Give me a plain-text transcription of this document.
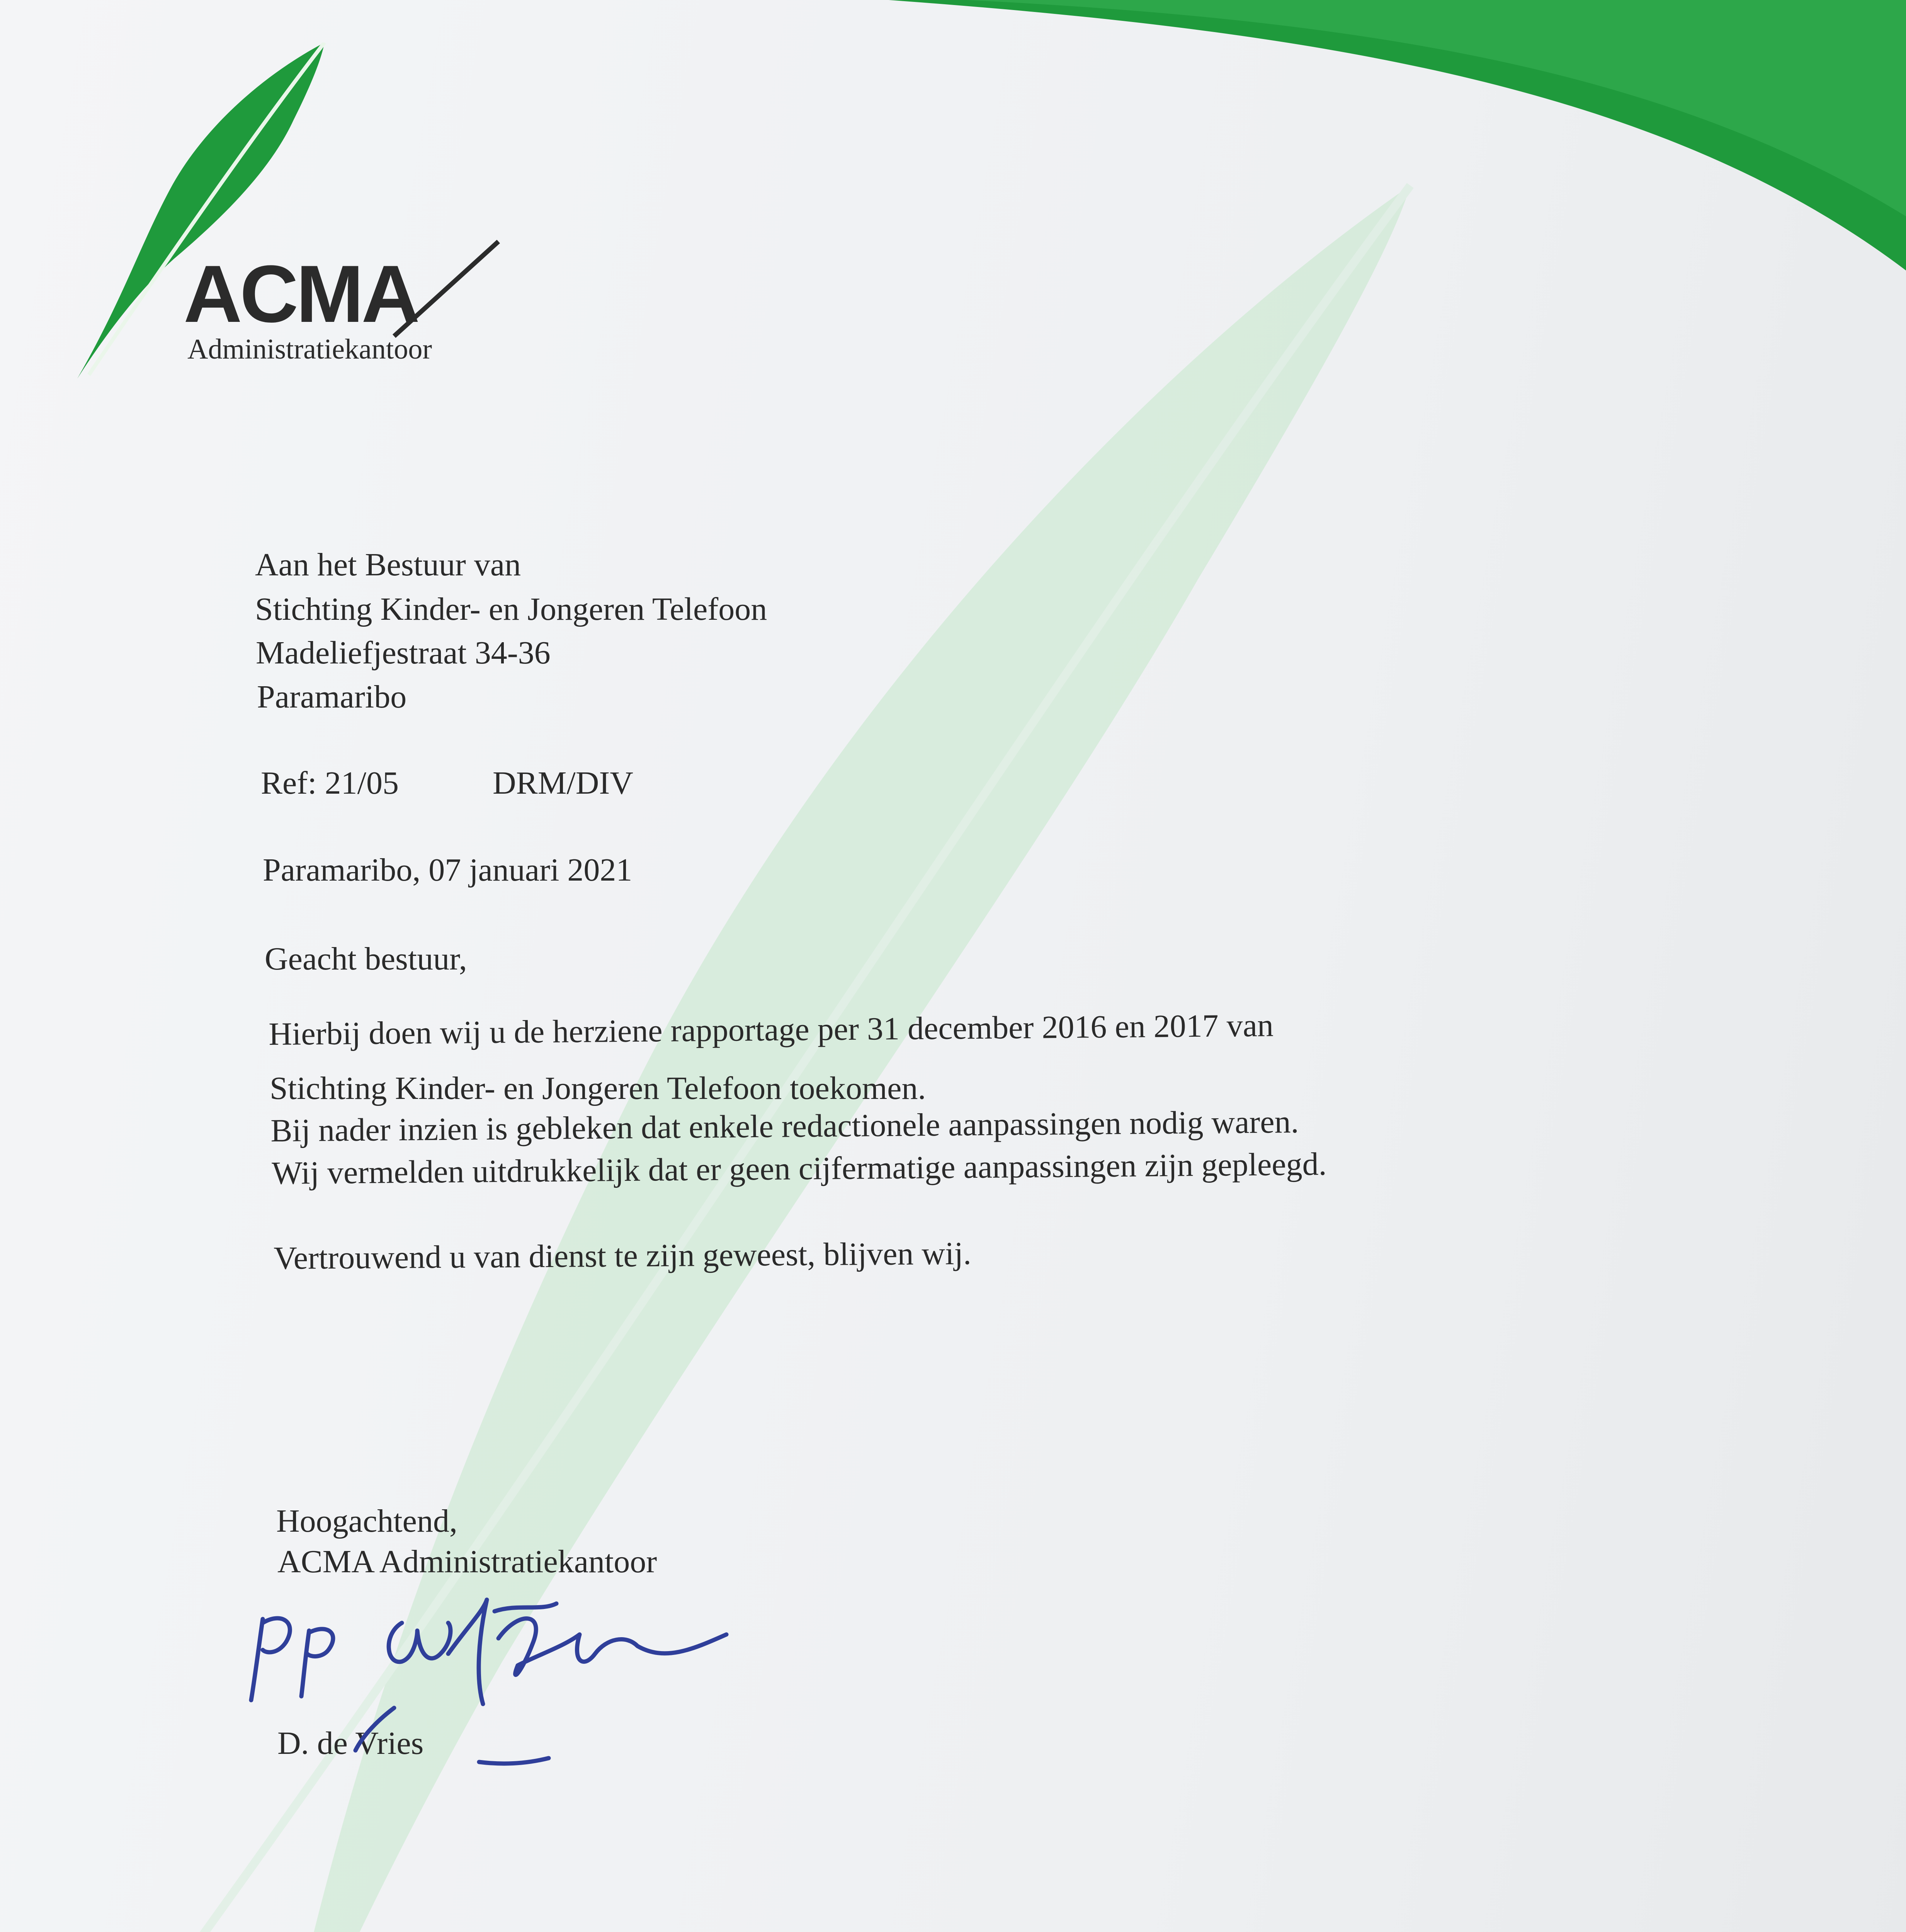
ACMA
Administratiekantoor
Aan het Bestuur van
Stichting Kinder- en Jongeren Telefoon
Madeliefjestraat 34-36
Paramaribo
Ref: 21/05	DRM/DIV
Paramaribo, 07 januari 2021
Geacht bestuur,
Hierbij doen wij u de herziene rapportage per 31 december 2016 en 2017 van
Stichting Kinder- en Jongeren Telefoon toekomen.
Bij nader inzien is gebleken dat enkele redactionele aanpassingen nodig waren.
Wij vermelden uitdrukkelijk dat er geen cijfermatige aanpassingen zijn gepleegd.
Vertrouwend u van dienst te zijn geweest, blijven wij.
Hoogachtend,
ACMA Administratiekantoor
D. de Vries
